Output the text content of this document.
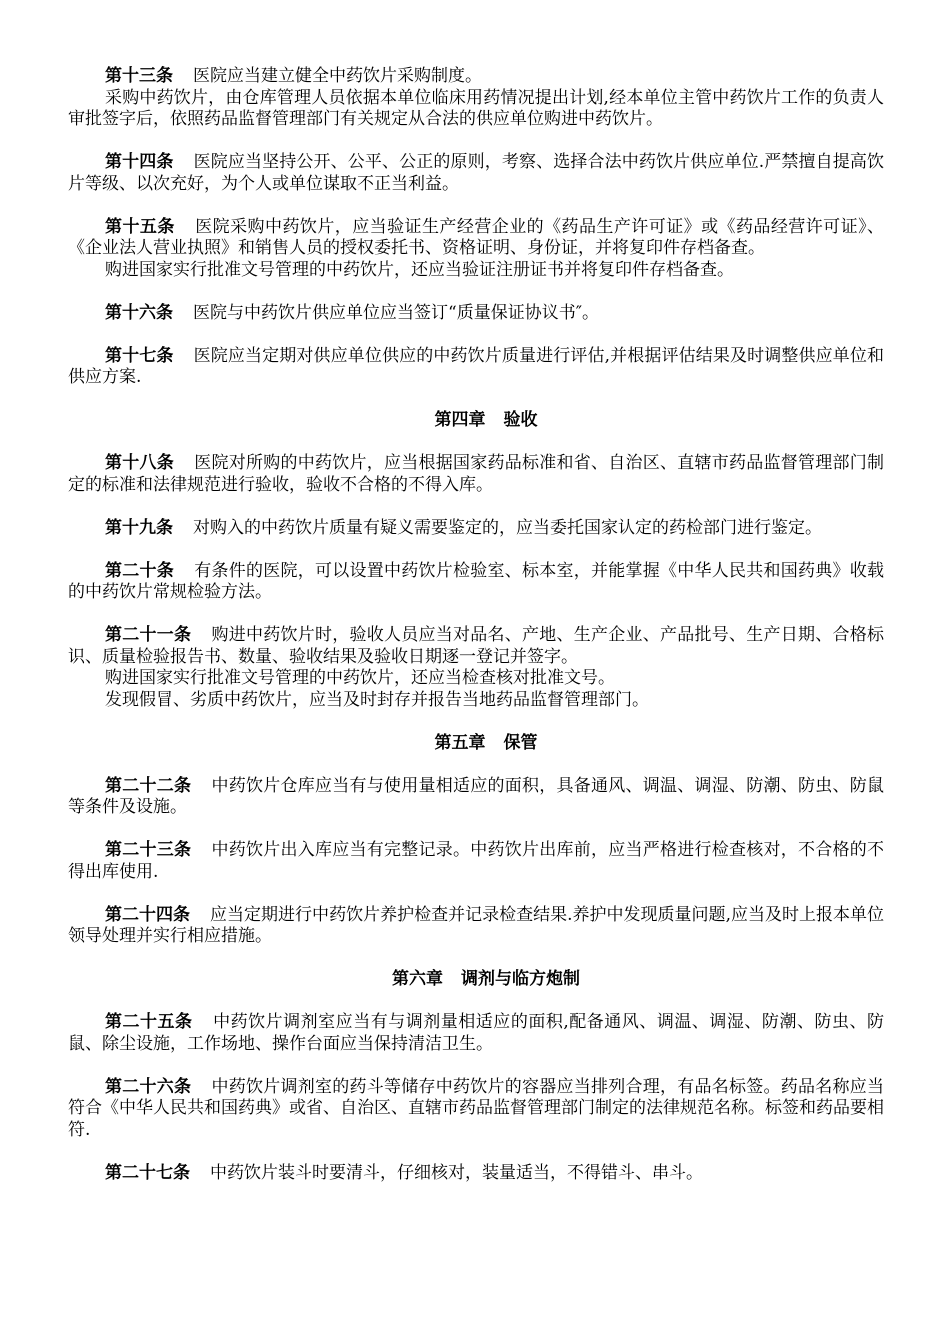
第十三条 医院应当建立健全中药饮片采购制度。

采购中药饮片，由仓库管理人员依据本单位临床用药情况提出计划,经本单位主管中药饮片工作的负责人审批签字后，依照药品监督管理部门有关规定从合法的供应单位购进中药饮片。

第十四条 医院应当坚持公开、公平、公正的原则，考察、选择合法中药饮片供应单位.严禁擅自提高饮片等级、以次充好，为个人或单位谋取不正当利益。

第十五条 医院采购中药饮片，应当验证生产经营企业的《药品生产许可证》或《药品经营许可证》、《企业法人营业执照》和销售人员的授权委托书、资格证明、身份证，并将复印件存档备查。

购进国家实行批准文号管理的中药饮片，还应当验证注册证书并将复印件存档备查。

第十六条 医院与中药饮片供应单位应当签订“质量保证协议书″。

第十七条 医院应当定期对供应单位供应的中药饮片质量进行评估,并根据评估结果及时调整供应单位和供应方案.

第四章 验收

第十八条 医院对所购的中药饮片，应当根据国家药品标准和省、自治区、直辖市药品监督管理部门制定的标准和法律规范进行验收，验收不合格的不得入库。

第十九条 对购入的中药饮片质量有疑义需要鉴定的，应当委托国家认定的药检部门进行鉴定。

第二十条 有条件的医院，可以设置中药饮片检验室、标本室，并能掌握《中华人民共和国药典》收载的中药饮片常规检验方法。

第二十一条 购进中药饮片时，验收人员应当对品名、产地、生产企业、产品批号、生产日期、合格标识、质量检验报告书、数量、验收结果及验收日期逐一登记并签字。

购进国家实行批准文号管理的中药饮片，还应当检查核对批准文号。

发现假冒、劣质中药饮片，应当及时封存并报告当地药品监督管理部门。

第五章 保管

第二十二条 中药饮片仓库应当有与使用量相适应的面积，具备通风、调温、调湿、防潮、防虫、防鼠等条件及设施。

第二十三条 中药饮片出入库应当有完整记录。中药饮片出库前，应当严格进行检查核对，不合格的不得出库使用.

第二十四条 应当定期进行中药饮片养护检查并记录检查结果.养护中发现质量问题,应当及时上报本单位领导处理并实行相应措施。

第六章 调剂与临方炮制

第二十五条 中药饮片调剂室应当有与调剂量相适应的面积,配备通风、调温、调湿、防潮、防虫、防鼠、除尘设施，工作场地、操作台面应当保持清洁卫生。

第二十六条 中药饮片调剂室的药斗等储存中药饮片的容器应当排列合理，有品名标签。药品名称应当符合《中华人民共和国药典》或省、自治区、直辖市药品监督管理部门制定的法律规范名称。标签和药品要相符.

第二十七条 中药饮片装斗时要清斗，仔细核对，装量适当，不得错斗、串斗。
